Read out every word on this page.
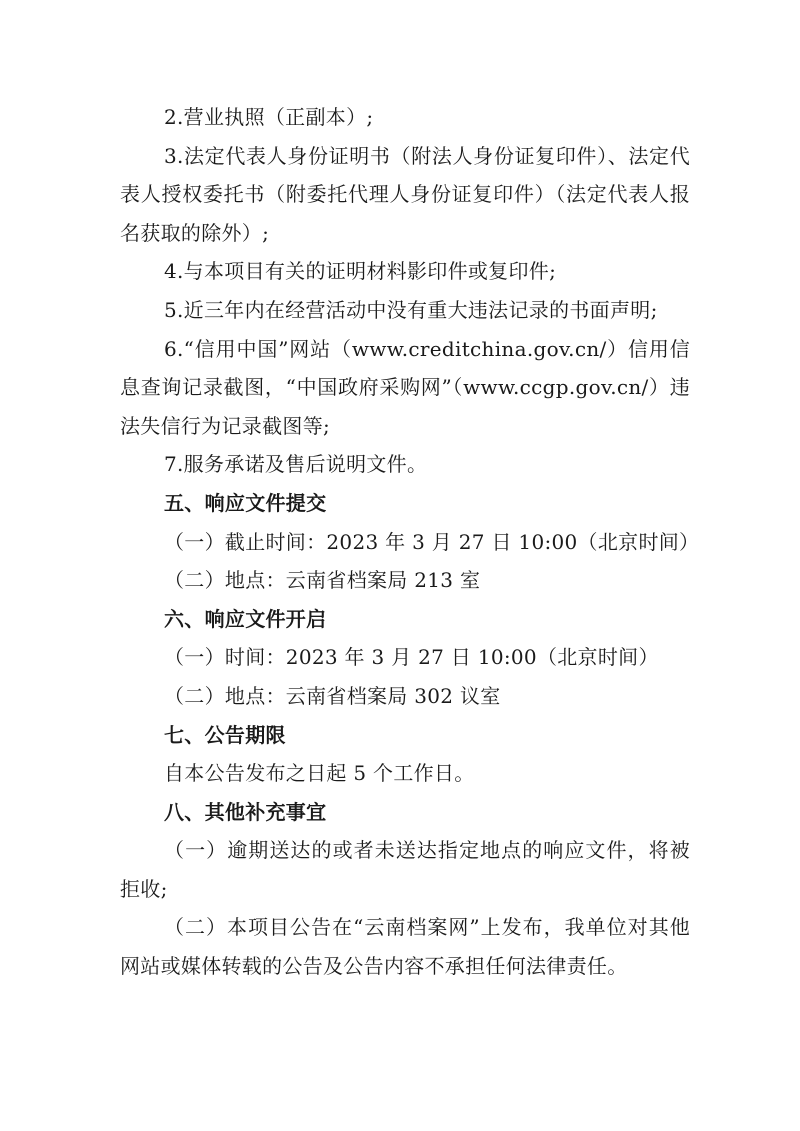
2.营业执照（正副本）;

3.法定代表人身份证明书（附法人身份证复印件）、法定代表人授权委托书（附委托代理人身份证复印件）（法定代表人报名获取的除外）;

4.与本项目有关的证明材料影印件或复印件;

5.近三年内在经营活动中没有重大违法记录的书面声明;

6.“信用中国”网站（www.creditchina.gov.cn/）信用信息查询记录截图，“中国政府采购网”（www.ccgp.gov.cn/）违法失信行为记录截图等;

7.服务承诺及售后说明文件。

五、响应文件提交

（一）截止时间：2023 年 3 月 27 日 10:00（北京时间）

（二）地点：云南省档案局 213 室

六、响应文件开启

（一）时间：2023 年 3 月 27 日 10:00（北京时间）

（二）地点：云南省档案局 302 议室

七、公告期限

自本公告发布之日起 5 个工作日。

八、其他补充事宜

（一）逾期送达的或者未送达指定地点的响应文件，将被拒收;

（二）本项目公告在“云南档案网”上发布，我单位对其他网站或媒体转载的公告及公告内容不承担任何法律责任。
